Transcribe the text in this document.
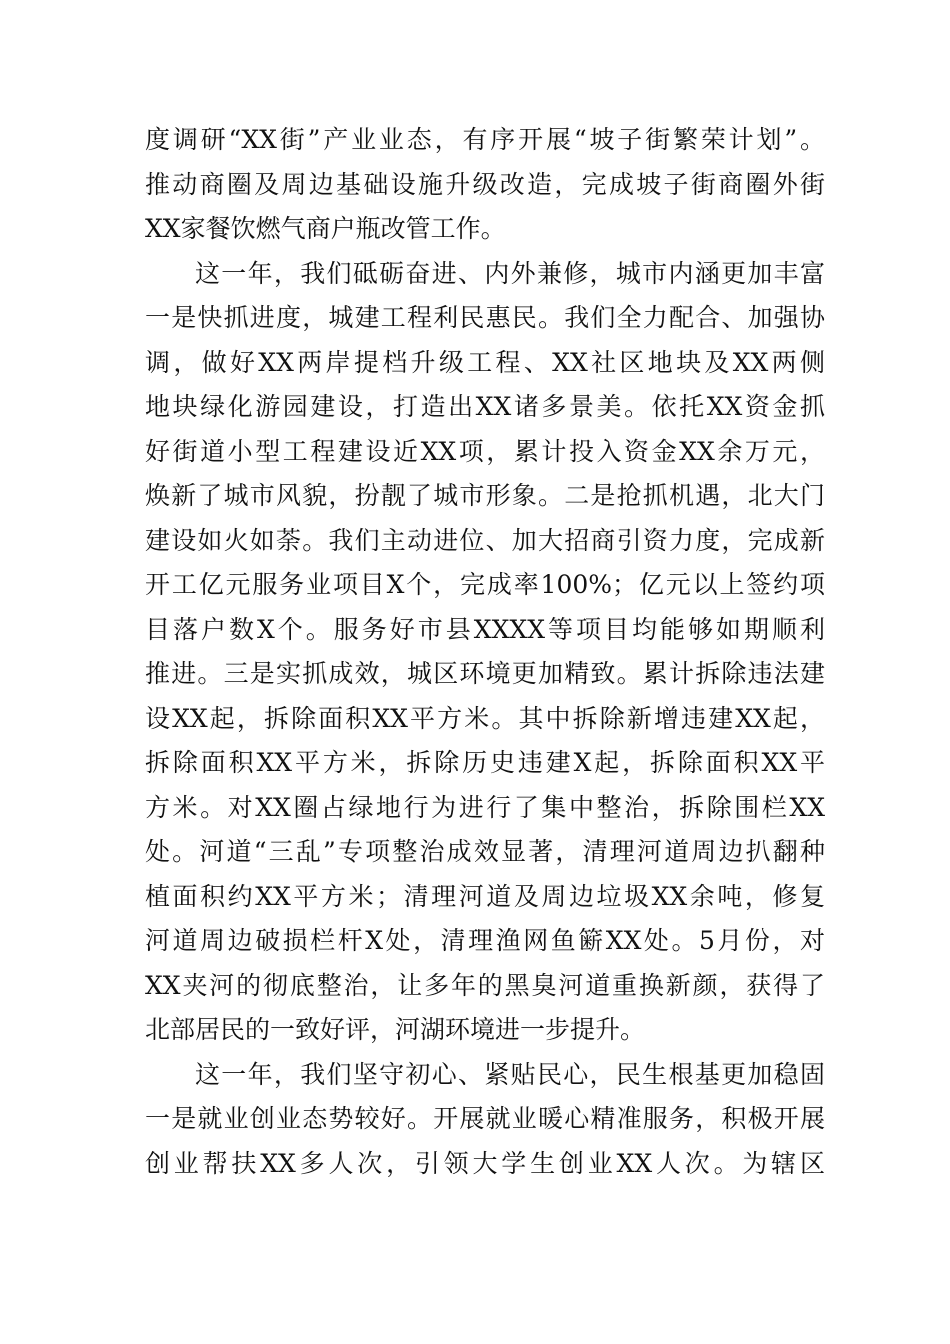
度调研“XX街”产业业态，有序开展“坡子街繁荣计划”。
推动商圈及周边基础设施升级改造，完成坡子街商圈外街
XX家餐饮燃气商户瓶改管工作。
这一年，我们砥砺奋进、内外兼修，城市内涵更加丰富
一是快抓进度，城建工程利民惠民。我们全力配合、加强协
调，做好XX两岸提档升级工程、XX社区地块及XX两侧
地块绿化游园建设，打造出XX诸多景美。依托XX资金抓
好街道小型工程建设近XX项，累计投入资金XX余万元，
焕新了城市风貌，扮靓了城市形象。二是抢抓机遇，北大门
建设如火如荼。我们主动进位、加大招商引资力度，完成新
开工亿元服务业项目X个，完成率100%；亿元以上签约项
目落户数X个。服务好市县XXXX等项目均能够如期顺利
推进。三是实抓成效，城区环境更加精致。累计拆除违法建
设XX起，拆除面积XX平方米。其中拆除新增违建XX起，
拆除面积XX平方米，拆除历史违建X起，拆除面积XX平
方米。对XX圈占绿地行为进行了集中整治，拆除围栏XX
处。河道“三乱”专项整治成效显著，清理河道周边扒翻种
植面积约XX平方米；清理河道及周边垃圾XX余吨，修复
河道周边破损栏杆X处，清理渔网鱼簖XX处。5月份，对
XX夹河的彻底整治，让多年的黑臭河道重换新颜，获得了
北部居民的一致好评，河湖环境进一步提升。
这一年，我们坚守初心、紧贴民心，民生根基更加稳固
一是就业创业态势较好。开展就业暖心精准服务，积极开展
创业帮扶XX多人次，引领大学生创业XX人次。为辖区
